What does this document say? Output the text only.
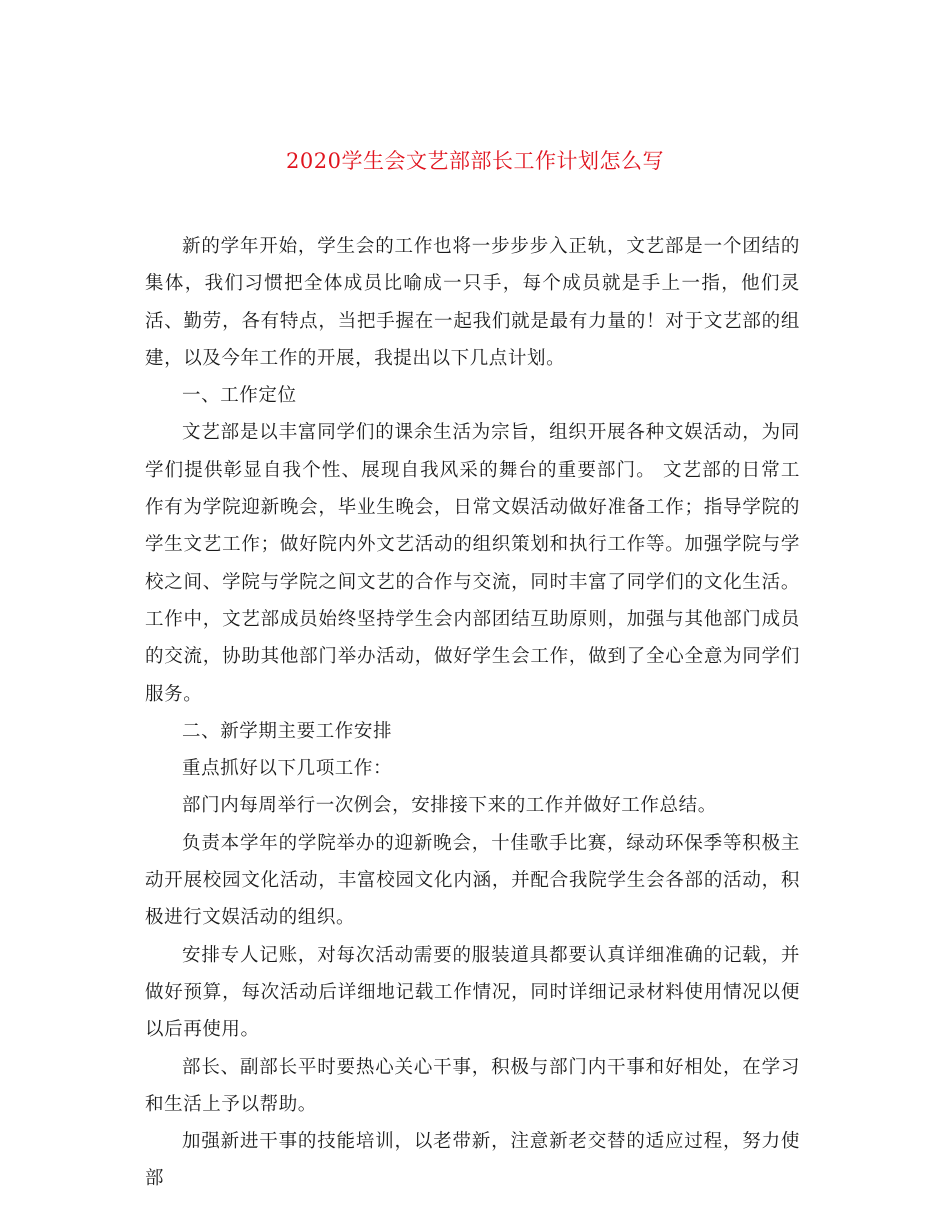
2020学生会文艺部部长工作计划怎么写

新的学年开始，学生会的工作也将一步步步入正轨，文艺部是一个团结的集体，我们习惯把全体成员比喻成一只手，每个成员就是手上一指，他们灵活、勤劳，各有特点，当把手握在一起我们就是最有力量的！对于文艺部的组建，以及今年工作的开展，我提出以下几点计划。

一、工作定位

文艺部是以丰富同学们的课余生活为宗旨，组织开展各种文娱活动，为同学们提供彰显自我个性、展现自我风采的舞台的重要部门。 文艺部的日常工作有为学院迎新晚会，毕业生晚会，日常文娱活动做好准备工作；指导学院的学生文艺工作；做好院内外文艺活动的组织策划和执行工作等。加强学院与学校之间、学院与学院之间文艺的合作与交流，同时丰富了同学们的文化生活。工作中，文艺部成员始终坚持学生会内部团结互助原则，加强与其他部门成员的交流，协助其他部门举办活动，做好学生会工作，做到了全心全意为同学们服务。

二、新学期主要工作安排

重点抓好以下几项工作：

部门内每周举行一次例会，安排接下来的工作并做好工作总结。

负责本学年的学院举办的迎新晚会，十佳歌手比赛，绿动环保季等积极主动开展校园文化活动，丰富校园文化内涵，并配合我院学生会各部的活动，积极进行文娱活动的组织。

安排专人记账，对每次活动需要的服装道具都要认真详细准确的记载，并做好预算，每次活动后详细地记载工作情况，同时详细记录材料使用情况以便以后再使用。

部长、副部长平时要热心关心干事，积极与部门内干事和好相处，在学习和生活上予以帮助。

加强新进干事的技能培训，以老带新，注意新老交替的适应过程，努力使部
